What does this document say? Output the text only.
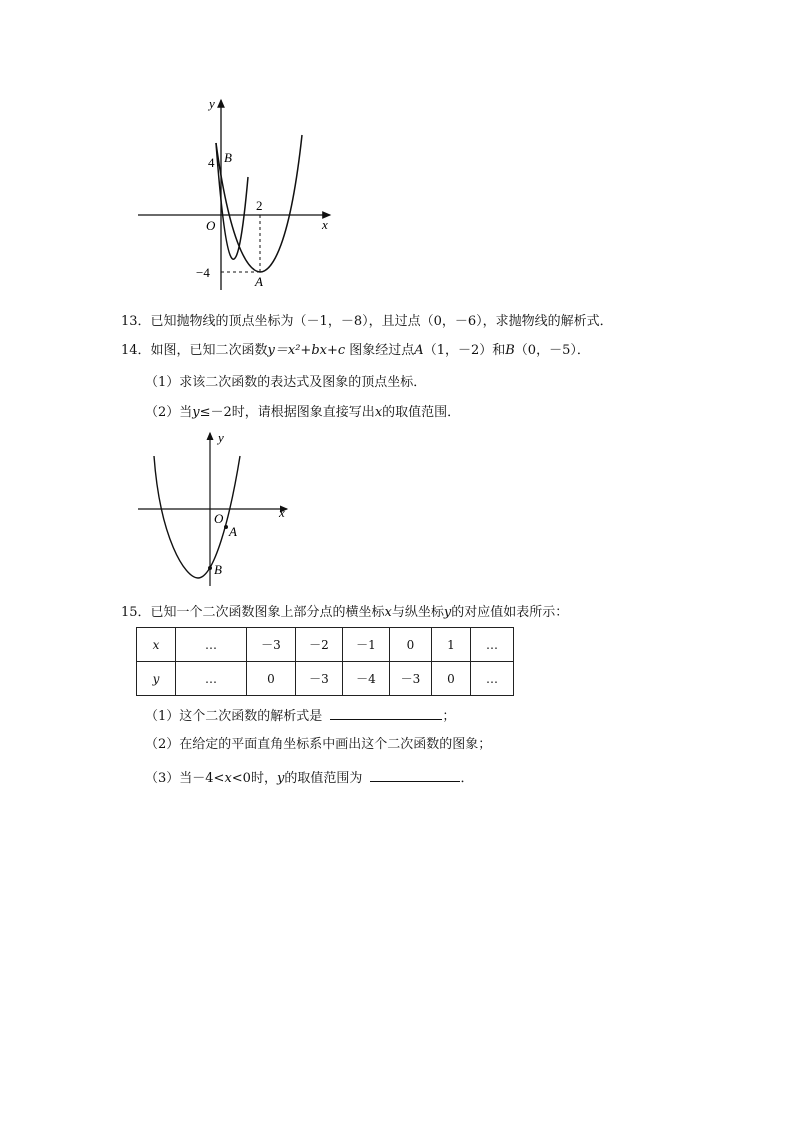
y
x
O
B
A
4
−4
2
13．已知抛物线的顶点坐标为（－1，－8），且过点（0，－6），求抛物线的解析式．
14．如图，已知二次函数y＝x²+bx+c 图象经过点A（1，－2）和B（0，－5）．
（1）求该二次函数的表达式及图象的顶点坐标．
（2）当y≤－2时，请根据图象直接写出x的取值范围．
y
x
O
A
B
15．已知一个二次函数图象上部分点的横坐标x与纵坐标y的对应值如表所示：
x	…	－3	－2	－1	0	1	…
y	…	0	－3	－4	－3	0	…
（1）这个二次函数的解析式是	；
（2）在给定的平面直角坐标系中画出这个二次函数的图象；
（3）当－4<x<0时，y的取值范围为	．
